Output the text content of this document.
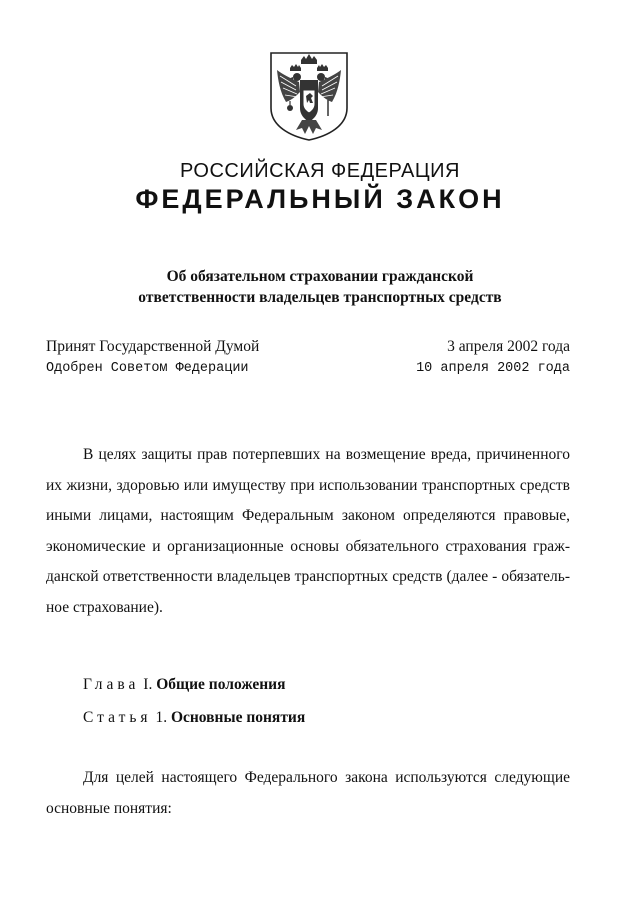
РОССИЙСКАЯ ФЕДЕРАЦИЯ
ФЕДЕРАЛЬНЫЙ ЗАКОН
Об обязательном страховании гражданской
ответственности владельцев транспортных средств
Принят Государственной Думой	3 апреля 2002 года
Одобрен Советом Федерации	10 апреля 2002 года
В целях защиты прав потерпевших на возмещение вреда, причиненного
их жизни, здоровью или имуществу при использовании транспортных средств
иными лицами, настоящим Федеральным законом определяются правовые,
экономические и организационные основы обязательного страхования граж-
данской ответственности владельцев транспортных средств (далее - обязатель-
ное страхование).
Глава I. Общие положения
Статья 1. Основные понятия
Для целей настоящего Федерального закона используются следующие
основные понятия:
